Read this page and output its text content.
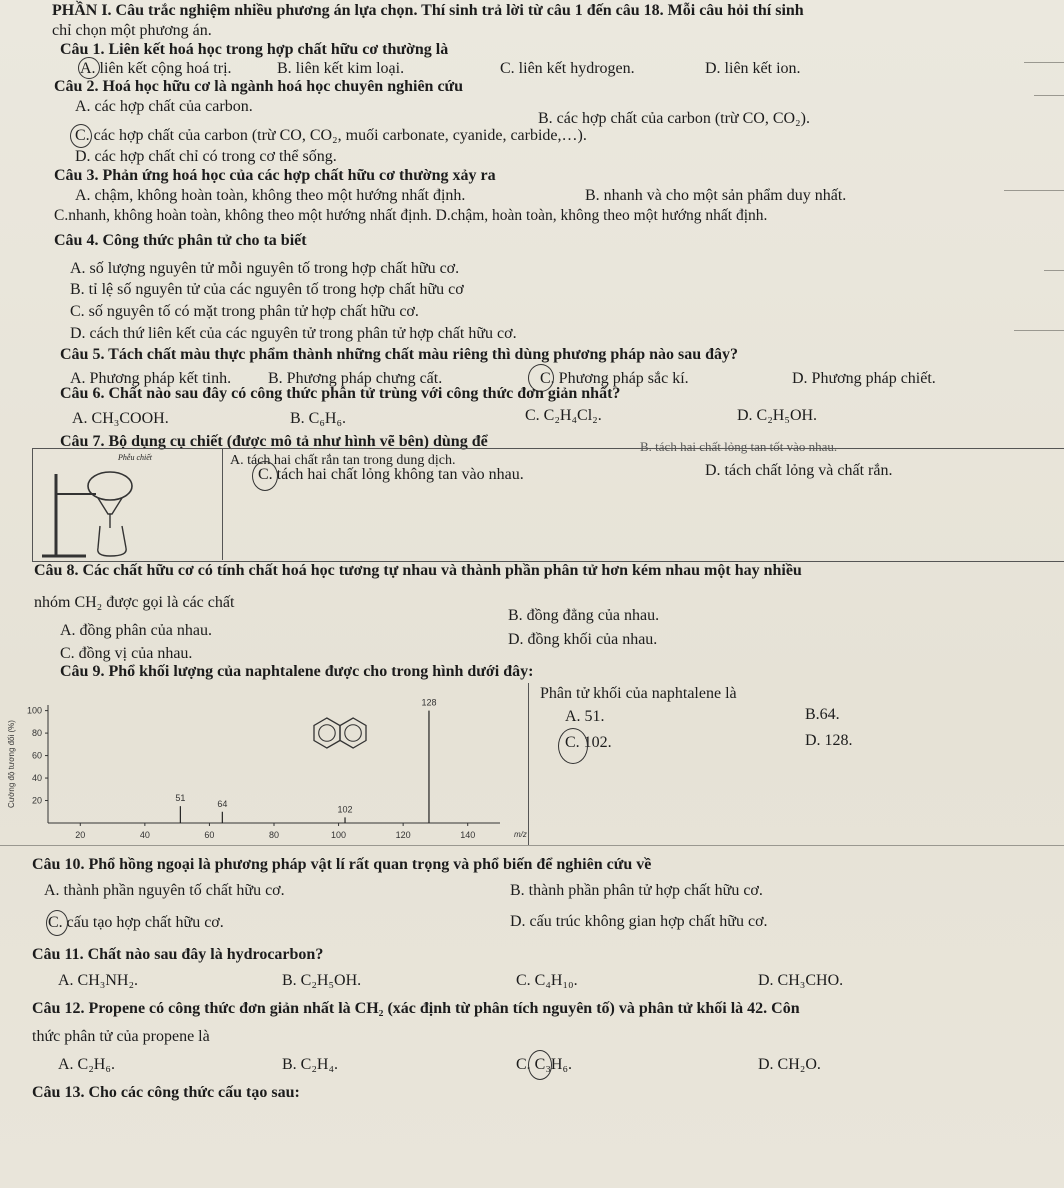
PHẦN I. Câu trắc nghiệm nhiều phương án lựa chọn. Thí sinh trả lời từ câu 1 đến câu 18. Mỗi câu hỏi thí sinh
chỉ chọn một phương án.
Câu 1. Liên kết hoá học trong hợp chất hữu cơ thường là
A. liên kết cộng hoá trị.	B. liên kết kim loại.	C. liên kết hydrogen.	D. liên kết ion.
Câu 2. Hoá học hữu cơ là ngành hoá học chuyên nghiên cứu
A. các hợp chất của carbon.
B. các hợp chất của carbon (trừ CO, CO₂).
C. các hợp chất của carbon (trừ CO, CO₂, muối carbonate, cyanide, carbide,…).
D. các hợp chất chỉ có trong cơ thể sống.
Câu 3. Phản ứng hoá học của các hợp chất hữu cơ thường xảy ra
A. chậm, không hoàn toàn, không theo một hướng nhất định.	B. nhanh và cho một sản phẩm duy nhất.
C.nhanh, không hoàn toàn, không theo một hướng nhất định. D.chậm, hoàn toàn, không theo một hướng nhất định.
Câu 4. Công thức phân tử cho ta biết
A. số lượng nguyên tử mỗi nguyên tố trong hợp chất hữu cơ.
B. tỉ lệ số nguyên tử của các nguyên tố trong hợp chất hữu cơ
C. số nguyên tố có mặt trong phân tử hợp chất hữu cơ.
D. cách thứ liên kết của các nguyên tử trong phân tử hợp chất hữu cơ.
Câu 5. Tách chất màu thực phẩm thành những chất màu riêng thì dùng phương pháp nào sau đây?
A. Phương pháp kết tinh. B. Phương pháp chưng cất.	C. Phương pháp sắc kí.	D. Phương pháp chiết.
Câu 6. Chất nào sau đây có công thức phân tử trùng với công thức đơn giản nhất?
A. CH₃COOH.	B. C₆H₆.	C. C₂H₄Cl₂.	D. C₂H₅OH.
Câu 7. Bộ dụng cụ chiết (được mô tả như hình vẽ bên) dùng để
Phễu chiết	A. tách hai chất rắn tan trong dung dịch.
B. tách hai chất lỏng tan tốt vào nhau.
C. tách hai chất lỏng không tan vào nhau.	D. tách chất lỏng và chất rắn.
Câu 8. Các chất hữu cơ có tính chất hoá học tương tự nhau và thành phần phân tử hơn kém nhau một hay nhiều
nhóm CH₂ được gọi là các chất
A. đồng phân của nhau.
B. đồng đẳng của nhau.
C. đồng vị của nhau.
D. đồng khối của nhau.
Câu 9. Phổ khối lượng của naphtalene được cho trong hình dưới đây:
Phân tử khối của naphtalene là
A. 51.	B.64.
C. 102.	D. 128.
20
40
60
80
100
20	40	60	80	100	120	140	m/z
Cường độ tương đối (%)	51
64
102
128
Câu 10. Phổ hồng ngoại là phương pháp vật lí rất quan trọng và phổ biến để nghiên cứu về
A. thành phần nguyên tố chất hữu cơ.	B. thành phần phân tử hợp chất hữu cơ.
C. cấu tạo hợp chất hữu cơ.	D. cấu trúc không gian hợp chất hữu cơ.
Câu 11. Chất nào sau đây là hydrocarbon?
A. CH₃NH₂.	B. C₂H₅OH.	C. C₄H₁₀.	D. CH₃CHO.
Câu 12. Propene có công thức đơn giản nhất là CH₂ (xác định từ phân tích nguyên tố) và phân tử khối là 42. Côn
thức phân tử của propene là
A. C₂H₆.	B. C₂H₄.	C. C₃H₆.	D. CH₂O.
Câu 13. Cho các công thức cấu tạo sau:
